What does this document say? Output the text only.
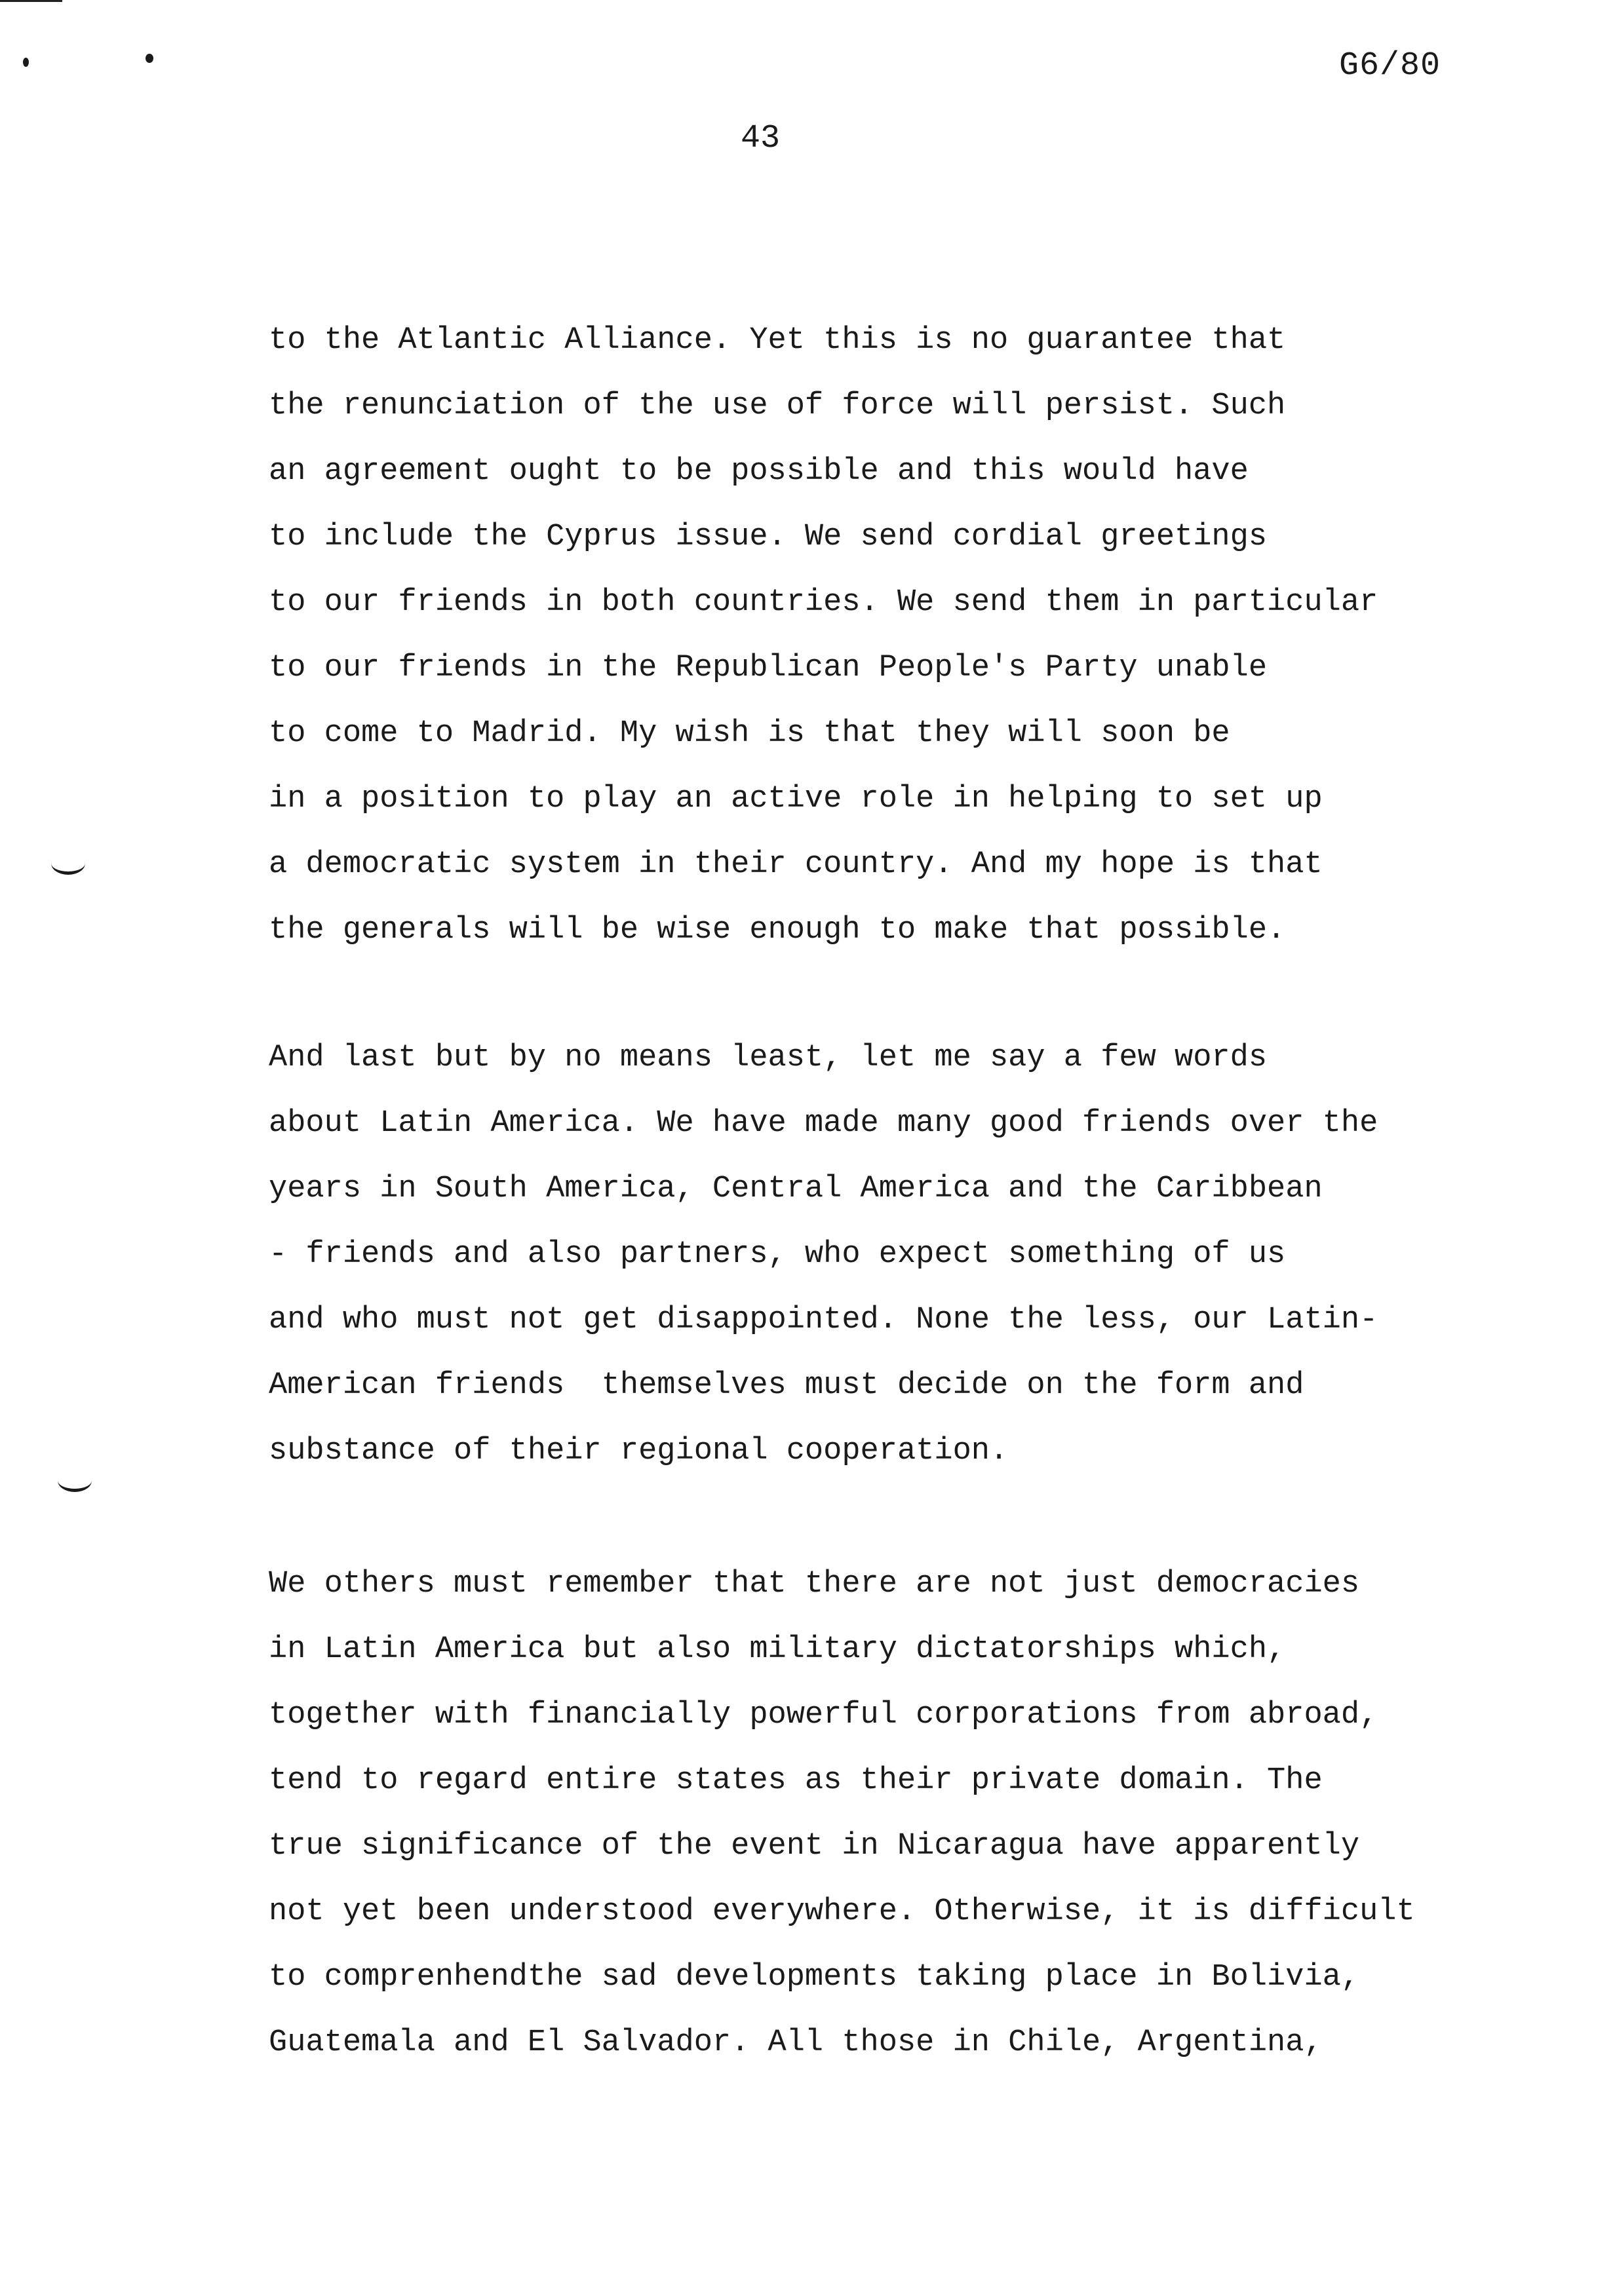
G6/80
43
to the Atlantic Alliance. Yet this is no guarantee that
the renunciation of the use of force will persist. Such
an agreement ought to be possible and this would have
to include the Cyprus issue. We send cordial greetings
to our friends in both countries. We send them in particular
to our friends in the Republican People's Party unable
to come to Madrid. My wish is that they will soon be
in a position to play an active role in helping to set up
a democratic system in their country. And my hope is that
the generals will be wise enough to make that possible.
And last but by no means least, let me say a few words
about Latin America. We have made many good friends over the
years in South America, Central America and the Caribbean
- friends and also partners, who expect something of us
and who must not get disappointed. None the less, our Latin-
American friends  themselves must decide on the form and
substance of their regional cooperation.
We others must remember that there are not just democracies
in Latin America but also military dictatorships which,
together with financially powerful corporations from abroad,
tend to regard entire states as their private domain. The
true significance of the event in Nicaragua have apparently
not yet been understood everywhere. Otherwise, it is difficult
to comprenhendthe sad developments taking place in Bolivia,
Guatemala and El Salvador. All those in Chile, Argentina,
